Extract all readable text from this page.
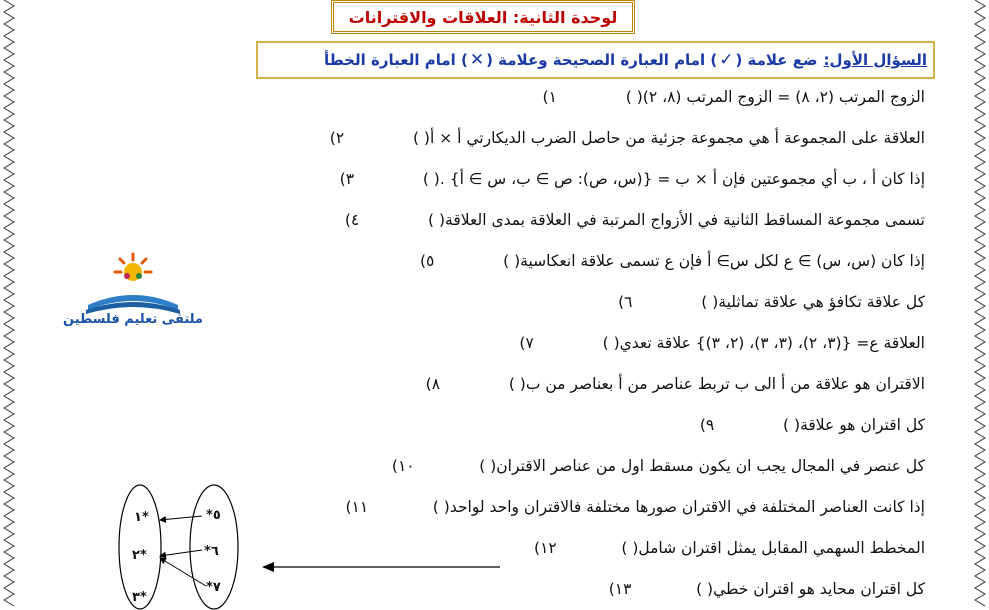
لوحدة الثانية: العلاقات والاقترانات
السؤال الأول:
ضع علامة (
✓
) امام العبارة الصحيحة وعلامة (
✕
) امام العبارة الخطأ
ملتقى تعليم فلسطين
١)	( ) الزوج المرتب (٢، ٨) = الزوج المرتب (٨، ٢)
٢)	( ) العلاقة على المجموعة أ هي مجموعة جزئية من حاصل الضرب الديكارتي أ × أ
٣)	( ) إذا كان أ ، ب أي مجموعتين فإن أ × ب = {(س، ص): ص ∋ ب، س ∋ أ} .
٤)	( ) تسمى مجموعة المساقط الثانية في الأزواج المرتبة في العلاقة بمدى العلاقة
٥)	( ) إذا كان (س، س) ∋ ع لكل س∋ أ فإن ع تسمى علاقة انعكاسية
٦)	( ) كل علاقة تكافؤ هي علاقة تماثلية
٧)	( ) العلاقة ع= {(٣، ٢)، (٣، ٣)، (٢، ٣)} علاقة تعدي
٨)	( ) الاقتران هو علاقة من أ الى ب تربط عناصر من أ بعناصر من ب
٩)	( ) كل اقتران هو علاقة
١٠)	( ) كل عنصر في المجال يجب ان يكون مسقط اول من عناصر الاقتران
١١)	( ) إذا كانت العناصر المختلفة في الاقتران صورها مختلفة فالاقتران واحد لواحد
١٢)	( ) المخطط السهمي المقابل يمثل اقتران شامل
١٣)	( ) كل اقتران محايد هو اقتران خطي
*٥
*٦
*٧
١*
٢*
٣*
